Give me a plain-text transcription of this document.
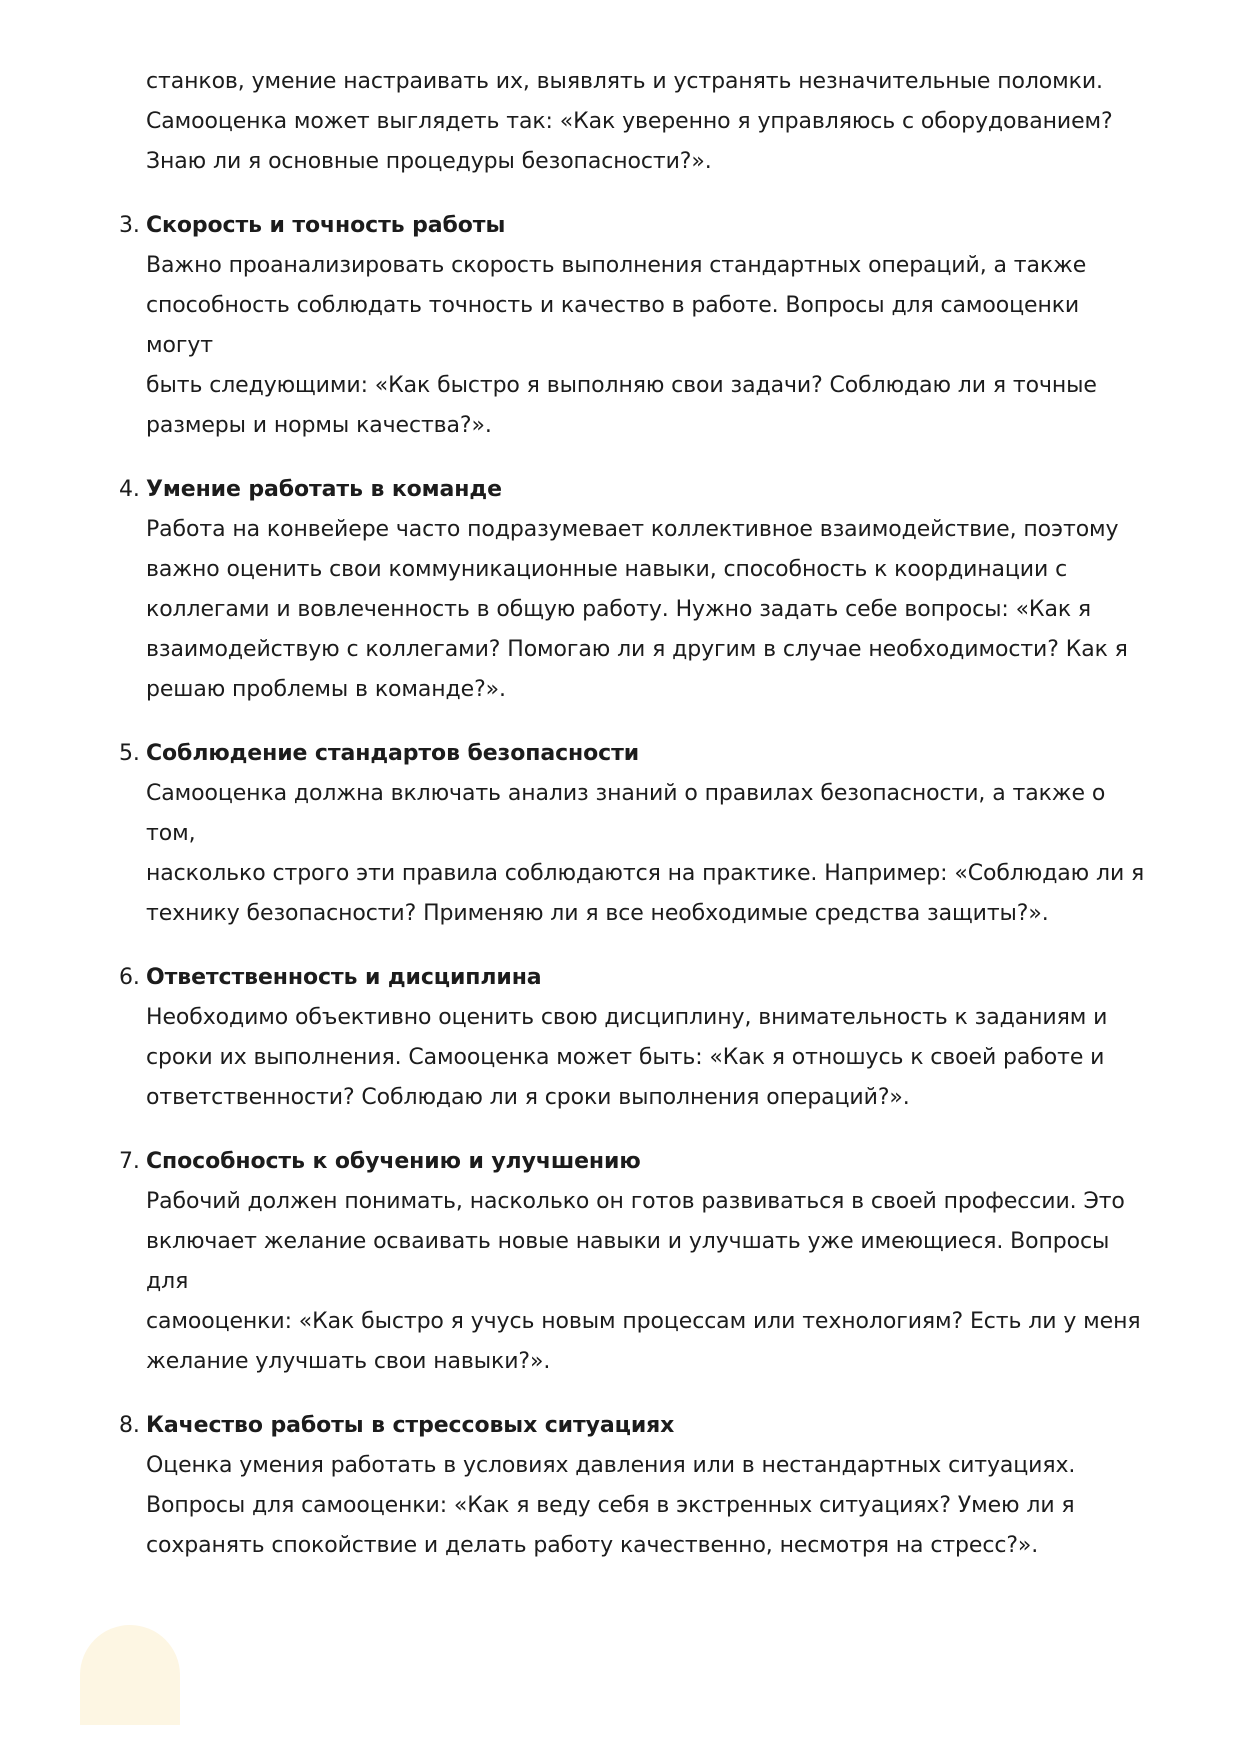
станков, умение настраивать их, выявлять и устранять незначительные поломки.
Самооценка может выглядеть так: «Как уверенно я управляюсь с оборудованием?
Знаю ли я основные процедуры безопасности?».

3. Скорость и точность работы

Важно проанализировать скорость выполнения стандартных операций, а также
способность соблюдать точность и качество в работе. Вопросы для самооценки могут
быть следующими: «Как быстро я выполняю свои задачи? Соблюдаю ли я точные
размеры и нормы качества?».

4. Умение работать в команде

Работа на конвейере часто подразумевает коллективное взаимодействие, поэтому
важно оценить свои коммуникационные навыки, способность к координации с
коллегами и вовлеченность в общую работу. Нужно задать себе вопросы: «Как я
взаимодействую с коллегами? Помогаю ли я другим в случае необходимости? Как я
решаю проблемы в команде?».

5. Соблюдение стандартов безопасности

Самооценка должна включать анализ знаний о правилах безопасности, а также о том,
насколько строго эти правила соблюдаются на практике. Например: «Соблюдаю ли я
технику безопасности? Применяю ли я все необходимые средства защиты?».

6. Ответственность и дисциплина

Необходимо объективно оценить свою дисциплину, внимательность к заданиям и
сроки их выполнения. Самооценка может быть: «Как я отношусь к своей работе и
ответственности? Соблюдаю ли я сроки выполнения операций?».

7. Способность к обучению и улучшению

Рабочий должен понимать, насколько он готов развиваться в своей профессии. Это
включает желание осваивать новые навыки и улучшать уже имеющиеся. Вопросы для
самооценки: «Как быстро я учусь новым процессам или технологиям? Есть ли у меня
желание улучшать свои навыки?».

8. Качество работы в стрессовых ситуациях

Оценка умения работать в условиях давления или в нестандартных ситуациях.
Вопросы для самооценки: «Как я веду себя в экстренных ситуациях? Умею ли я
сохранять спокойствие и делать работу качественно, несмотря на стресс?».
